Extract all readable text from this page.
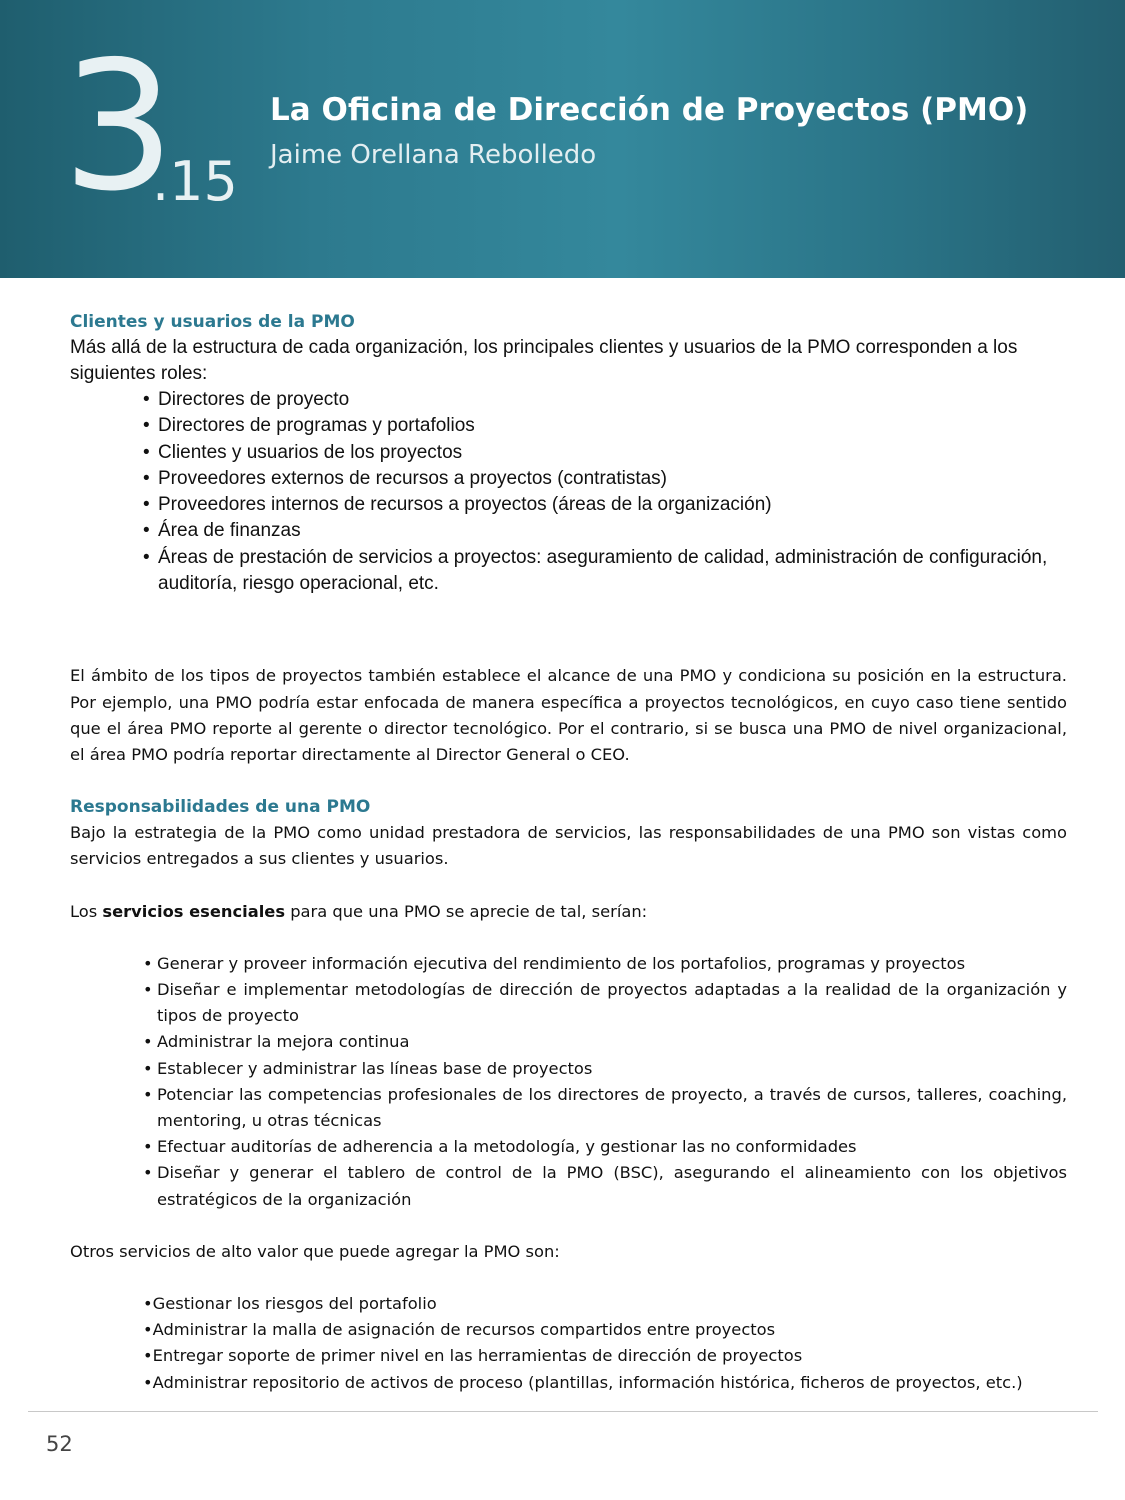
3
.15
La Oficina de Dirección de Proyectos (PMO)
Jaime Orellana Rebolledo

Clientes y usuarios de la PMO

Más allá de la estructura de cada organización, los principales clientes y usuarios de la PMO corresponden a los siguientes roles:

• Directores de proyecto
• Directores de programas y portafolios
• Clientes y usuarios de los proyectos
• Proveedores externos de recursos a proyectos (contratistas)
• Proveedores internos de recursos a proyectos (áreas de la organización)
• Área de finanzas
• Áreas de prestación de servicios a proyectos: aseguramiento de calidad, administración de configuración, auditoría, riesgo operacional, etc.

El ámbito de los tipos de proyectos también establece el alcance de una PMO y condiciona su posición en la estructura. Por ejemplo, una PMO podría estar enfocada de manera específica a proyectos tecnológicos, en cuyo caso tiene sentido que el área PMO reporte al gerente o director tecnológico. Por el contrario, si se busca una PMO de nivel organizacional, el área PMO podría reportar directamente al Director General o CEO.

Responsabilidades de una PMO

Bajo la estrategia de la PMO como unidad prestadora de servicios, las responsabilidades de una PMO son vistas como servicios entregados a sus clientes y usuarios.

Los servicios esenciales para que una PMO se aprecie de tal, serían:

• Generar y proveer información ejecutiva del rendimiento de los portafolios, programas y proyectos
• Diseñar e implementar metodologías de dirección de proyectos adaptadas a la realidad de la organización y tipos de proyecto
• Administrar la mejora continua
• Establecer y administrar las líneas base de proyectos
• Potenciar las competencias profesionales de los directores de proyecto, a través de cursos, talleres, coaching, mentoring, u otras técnicas
• Efectuar auditorías de adherencia a la metodología, y gestionar las no conformidades
• Diseñar y generar el tablero de control de la PMO (BSC), asegurando el alineamiento con los objetivos estratégicos de la organización

Otros servicios de alto valor que puede agregar la PMO son:

• Gestionar los riesgos del portafolio
• Administrar la malla de asignación de recursos compartidos entre proyectos
• Entregar soporte de primer nivel en las herramientas de dirección de proyectos
• Administrar repositorio de activos de proceso (plantillas, información histórica, ficheros de proyectos, etc.)
52
